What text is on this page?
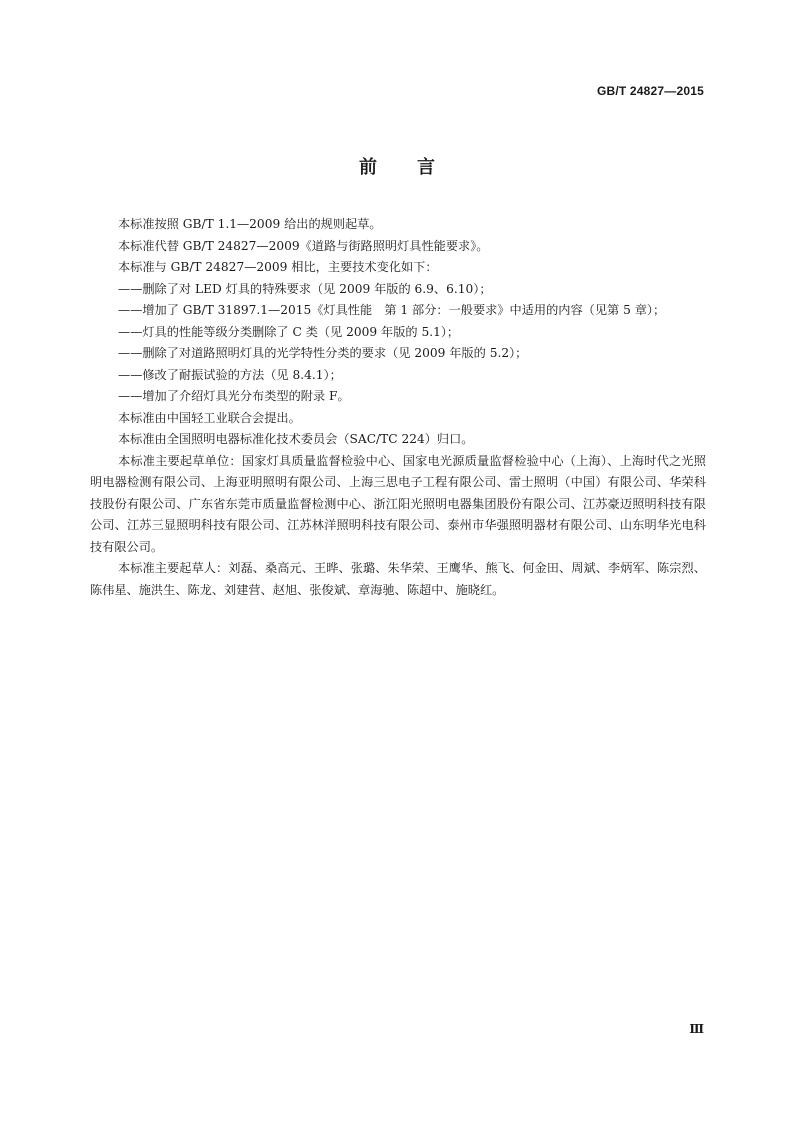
GB/T 24827—2015
前言

本标准按照 GB/T 1.1—2009 给出的规则起草。

本标准代替 GB/T 24827—2009《道路与街路照明灯具性能要求》。

本标准与 GB/T 24827—2009 相比，主要技术变化如下：

——删除了对 LED 灯具的特殊要求（见 2009 年版的 6.9、6.10）；

——增加了 GB/T 31897.1—2015《灯具性能　第 1 部分：一般要求》中适用的内容（见第 5 章）；

——灯具的性能等级分类删除了 C 类（见 2009 年版的 5.1）；

——删除了对道路照明灯具的光学特性分类的要求（见 2009 年版的 5.2）；

——修改了耐振试验的方法（见 8.4.1）；

——增加了介绍灯具光分布类型的附录 F。

本标准由中国轻工业联合会提出。

本标准由全国照明电器标准化技术委员会（SAC/TC 224）归口。

本标准主要起草单位：国家灯具质量监督检验中心、国家电光源质量监督检验中心（上海）、上海时代之光照明电器检测有限公司、上海亚明照明有限公司、上海三思电子工程有限公司、雷士照明（中国）有限公司、华荣科技股份有限公司、广东省东莞市质量监督检测中心、浙江阳光照明电器集团股份有限公司、江苏豪迈照明科技有限公司、江苏三显照明科技有限公司、江苏林洋照明科技有限公司、泰州市华强照明器材有限公司、山东明华光电科技有限公司。

本标准主要起草人：刘磊、桑高元、王晔、张璐、朱华荣、王鹰华、熊飞、何金田、周斌、李炳军、陈宗烈、陈伟星、施洪生、陈龙、刘建营、赵旭、张俊斌、章海驰、陈超中、施晓红。

Ⅲ
